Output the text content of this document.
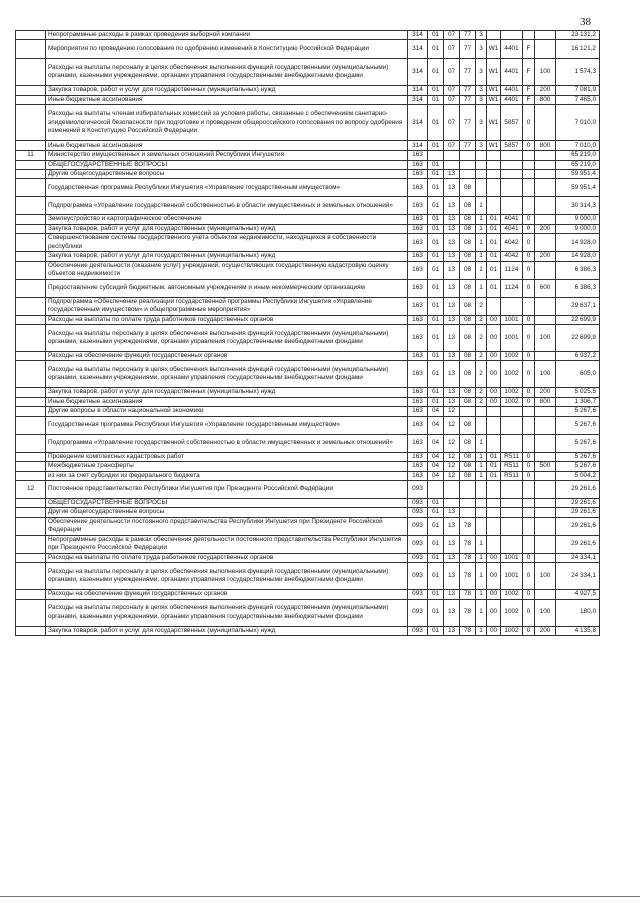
38
	Непрограммные расходы в рамках проведения выборной компании	314	01	07	77	3					23 131,2
	Мероприятия по проведению голосования по одобрению изменений в Конституцию Российской Федерации	314	01	07	77	3	W1	4401	F		16 121,2
	Расходы на выплаты персоналу в целях обеспечения выполнения функций государственными (муниципальными) органами, казенными учреждениями, органами управления государственными внебюджетными фондами	314	01	07	77	3	W1	4401	F	100	1 574,3
	Закупка товаров, работ и услуг для государственных (муниципальных) нужд	314	01	07	77	3	W1	4401	F	200	7 081,9
	Иные бюджетные ассигнования	314	01	07	77	3	W1	4401	F	800	7 465,0
	Расходы на выплаты членам избирательных комиссий за условия работы, связанные с обеспечением санитарно-эпидемиологической безопасности при подготовке и проведении общероссийского голосования по вопросу одобрения изменений в Конституцию Российской Федерации	314	01	07	77	3	W1	5857	0		7 010,0
	Иные бюджетные ассигнования	314	01	07	77	3	W1	5857	0	800	7 010,0
11	Министерство имущественных и земельных отношений Республики Ингушетия	163									65 219,0
	ОБЩЕГОСУДАРСТВЕННЫЕ ВОПРОСЫ	163	01								65 219,0
	Другие общегосударственные вопросы	163	01	13							59 951,4
	Государственная программа Республики Ингушетия «Управление государственным имуществом»	163	01	13	08						59 951,4
	Подпрограмма «Управление государственной собственностью в области имущественных и земельных отношений»	163	01	13	08	1					30 314,3
	Землеустройство и картографическое обеспечение	163	01	13	08	1	01	4041	0		9 000,0
	Закупка товаров, работ и услуг для государственных (муниципальных) нужд	163	01	13	08	1	01	4041	0	200	9 000,0
	Совершенствование системы государственного учёта объектов недвижимости, находящихся в собственности республики	163	01	13	08	1	01	4042	0		14 928,0
	Закупка товаров, работ и услуг для государственных (муниципальных) нужд	163	01	13	08	1	01	4042	0	200	14 928,0
	Обеспечение деятельности (оказание услуг) учреждений, осуществляющих государственную кадастровую оценку объектов недвижимости	163	01	13	08	1	01	1124	0		6 386,3
	Предоставление субсидий бюджетным, автономным учреждениям и иным некоммерческим организациям	163	01	13	08	1	01	1124	0	600	6 386,3
	Подпрограмма «Обеспечение реализации государственной программы Республики Ингушетия «Управление государственным имуществом» и общепрограммные мероприятия»	163	01	13	08	2					29 637,1
	Расходы на выплаты по оплате труда работников государственных органов	163	01	13	08	2	00	1001	0		22 699,9
	Расходы на выплаты персоналу в целях обеспечения выполнения функций государственными (муниципальными) органами, казенными учреждениями, органами управления государственными внебюджетными фондами	163	01	13	08	2	00	1001	0	100	22 699,9
	Расходы на обеспечение функций государственных органов	163	01	13	08	2	00	1002	0		6 937,2
	Расходы на выплаты персоналу в целях обеспечения выполнения функций государственными (муниципальными) органами, казенными учреждениями, органами управления государственными внебюджетными фондами	163	01	13	08	2	00	1002	0	100	605,0
	Закупка товаров, работ и услуг для государственных (муниципальных) нужд	163	01	13	08	2	00	1002	0	200	5 025,5
	Иные бюджетные ассигнования	163	01	13	08	2	00	1002	0	800	1 306,7
	Другие вопросы в области национальной экономики	163	04	12							5 267,6
	Государственная программа Республики Ингушетия «Управление государственным имуществом»	163	04	12	08						5 267,6
	Подпрограмма «Управление государственной собственностью в области имущественных и земельных отношений»	163	04	12	08	1					5 267,6
	Проведение комплексных кадастровых работ	163	04	12	08	1	01	R511	0		5 267,6
	Межбюджетные трансферты	163	04	12	08	1	01	R511	0	500	5 267,6
	из них за счет субсидии из федерального бюджета	163	04	12	08	1	01	R511	0		5 004,2
12	Постоянное представительство Республики Ингушетия при Президенте Российской Федерации	093									29 261,6
	ОБЩЕГОСУДАРСТВЕННЫЕ ВОПРОСЫ	093	01								29 261,6
	Другие общегосударственные вопросы	093	01	13							29 261,6
	Обеспечение деятельности постоянного представительства Республики Ингушетия при Президенте Российской Федерации	093	01	13	78						29 261,6
	Непрограммные расходы в рамках обеспечения деятельности постоянного представительства Республики Ингушетия при Президенте Российской Федерации	093	01	13	78	1					29 261,6
	Расходы на выплаты по оплате труда работников государственных органов	093	01	13	78	1	00	1001	0		24 334,1
	Расходы на выплаты персоналу в целях обеспечения выполнения функций государственными (муниципальными) органами, казенными учреждениями, органами управления государственными внебюджетными фондами	093	01	13	78	1	00	1001	0	100	24 334,1
	Расходы на обеспечение функций государственных органов	093	01	13	78	1	00	1002	0		4 927,5
	Расходы на выплаты персоналу в целях обеспечения выполнения функций государственными (муниципальными) органами, казенными учреждениями, органами управления государственными внебюджетными фондами	093	01	13	78	1	00	1002	0	100	180,0
	Закупка товаров, работ и услуг для государственных (муниципальных) нужд	093	01	13	78	1	00	1002	0	200	4 135,8
